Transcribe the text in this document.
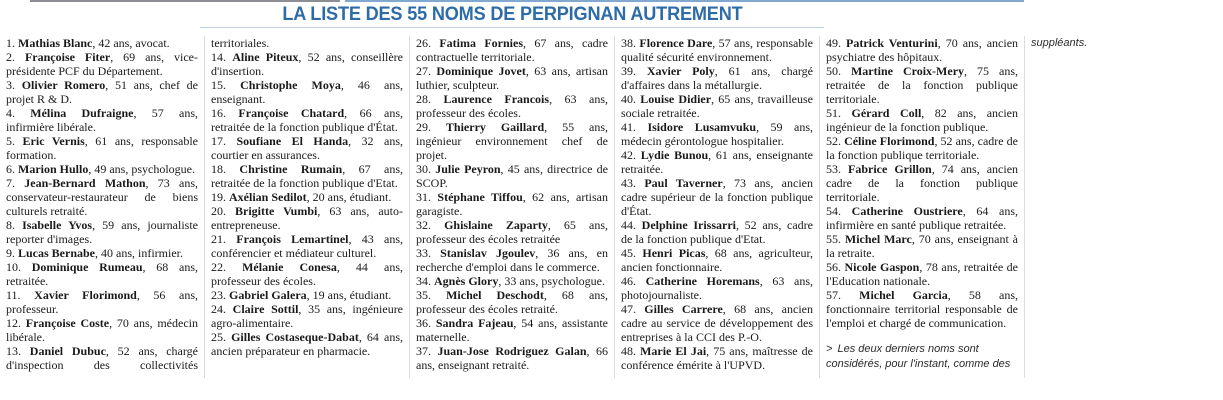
LA LISTE DES 55 NOMS DE PERPIGNAN AUTREMENT

1. Mathias Blanc, 42 ans, avocat.

2. Françoise Fiter, 69 ans, vice-présidente PCF du Département.

3. Olivier Romero, 51 ans, chef de projet R & D.

4. Mélina Dufraigne, 57 ans, infirmière libérale.

5. Eric Vernis, 61 ans, responsable formation.

6. Marion Hullo, 49 ans, psychologue.

7. Jean-Bernard Mathon, 73 ans, conservateur-restaurateur de biens culturels retraité.

8. Isabelle Yvos, 59 ans, journaliste reporter d'images.

9. Lucas Bernabe, 40 ans, infirmier.

10. Dominique Rumeau, 68 ans, retraitée.

11. Xavier Florimond, 56 ans, professeur.

12. Françoise Coste, 70 ans, médecin libérale.

13. Daniel Dubuc, 52 ans, chargé d'inspection des collectivités territoriales.

14. Aline Piteux, 52 ans, conseillère d'insertion.

15. Christophe Moya, 46 ans, enseignant.

16. Françoise Chatard, 66 ans, retraitée de la fonction publique d'État.

17. Soufiane El Handa, 32 ans, courtier en assurances.

18. Christine Rumain, 67 ans, retraitée de la fonction publique d'Etat.

19. Axélian Sedilot, 20 ans, étudiant.

20. Brigitte Vumbi, 63 ans, auto-entrepreneuse.

21. François Lemartinel, 43 ans, conférencier et médiateur culturel.

22. Mélanie Conesa, 44 ans, professeur des écoles.

23. Gabriel Galera, 19 ans, étudiant.

24. Claire Sottil, 35 ans, ingénieure agro-alimentaire.

25. Gilles Costaseque-Dabat, 64 ans, ancien préparateur en pharmacie.

26. Fatima Fornies, 67 ans, cadre contractuelle territoriale.

27. Dominique Jovet, 63 ans, artisan luthier, sculpteur.

28. Laurence Francois, 63 ans, professeur des écoles.

29. Thierry Gaillard, 55 ans, ingénieur environnement chef de projet.

30. Julie Peyron, 45 ans, directrice de SCOP.

31. Stéphane Tiffou, 62 ans, artisan garagiste.

32. Ghislaine Zaparty, 65 ans, professeur des écoles retraitée

33. Stanislav Jgoulev, 36 ans, en recherche d'emploi dans le commerce.

34. Agnès Glory, 33 ans, psychologue.

35. Michel Deschodt, 68 ans, professeur des écoles retraité.

36. Sandra Fajeau, 54 ans, assistante maternelle.

37. Juan-Jose Rodriguez Galan, 66 ans, enseignant retraité.

38. Florence Dare, 57 ans, responsable qualité sécurité environnement.

39. Xavier Poly, 61 ans, chargé d'affaires dans la métallurgie.

40. Louise Didier, 65 ans, travailleuse sociale retraitée.

41. Isidore Lusamvuku, 59 ans, médecin gérontologue hospitalier.

42. Lydie Bunou, 61 ans, enseignante retraitée.

43. Paul Taverner, 73 ans, ancien cadre supérieur de la fonction publique d'État.

44. Delphine Irissarri, 52 ans, cadre de la fonction publique d'Etat.

45. Henri Picas, 68 ans, agriculteur, ancien fonctionnaire.

46. Catherine Horemans, 63 ans, photojournaliste.

47. Gilles Carrere, 68 ans, ancien cadre au service de développement des entreprises à la CCI des P.-O.

48. Marie El Jai, 75 ans, maîtresse de conférence émérite à l'UPVD.

49. Patrick Venturini, 70 ans, ancien psychiatre des hôpitaux.

50. Martine Croix-Mery, 75 ans, retraitée de la fonction publique territoriale.

51. Gérard Coll, 82 ans, ancien ingénieur de la fonction publique.

52. Céline Florimond, 52 ans, cadre de la fonction publique territoriale.

53. Fabrice Grillon, 74 ans, ancien cadre de la fonction publique territoriale.

54. Catherine Oustriere, 64 ans, infirmière en santé publique retraitée.

55. Michel Marc, 70 ans, enseignant à la retraite.

56. Nicole Gaspon, 78 ans, retraitée de l'Education nationale.

57. Michel Garcia, 58 ans, fonctionnaire territorial responsable de l'emploi et chargé de communication.

> Les deux derniers noms sont considérés, pour l'instant, comme des suppléants.
